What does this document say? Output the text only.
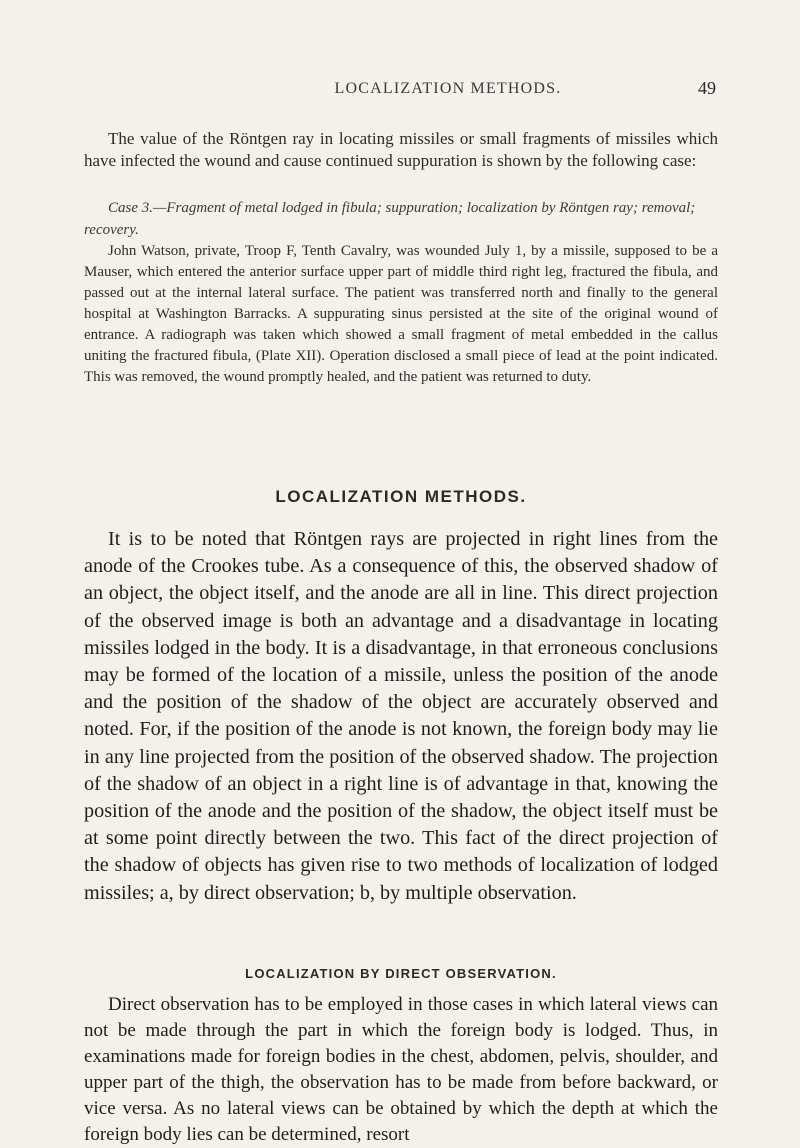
LOCALIZATION METHODS.	49

The value of the Röntgen ray in locating missiles or small fragments of missiles which have infected the wound and cause continued suppuration is shown by the following case:

Case 3.—Fragment of metal lodged in fibula; suppuration; localization by Röntgen ray; removal; recovery.

John Watson, private, Troop F, Tenth Cavalry, was wounded July 1, by a missile, supposed to be a Mauser, which entered the anterior surface upper part of middle third right leg, fractured the fibula, and passed out at the internal lateral surface. The patient was transferred north and finally to the general hospital at Washington Barracks. A suppurating sinus persisted at the site of the original wound of entrance. A radiograph was taken which showed a small fragment of metal embedded in the callus uniting the fractured fibula, (Plate XII). Operation disclosed a small piece of lead at the point indicated. This was removed, the wound promptly healed, and the patient was returned to duty.

LOCALIZATION METHODS.

It is to be noted that Röntgen rays are projected in right lines from the anode of the Crookes tube. As a consequence of this, the observed shadow of an object, the object itself, and the anode are all in line. This direct projection of the observed image is both an advantage and a disadvantage in locating missiles lodged in the body. It is a disadvantage, in that erroneous conclusions may be formed of the location of a missile, unless the position of the anode and the position of the shadow of the object are accurately observed and noted. For, if the position of the anode is not known, the foreign body may lie in any line projected from the position of the observed shadow. The projection of the shadow of an object in a right line is of advantage in that, knowing the position of the anode and the position of the shadow, the object itself must be at some point directly between the two. This fact of the direct projection of the shadow of objects has given rise to two methods of localization of lodged missiles; a, by direct observation; b, by multiple observation.

LOCALIZATION BY DIRECT OBSERVATION.

Direct observation has to be employed in those cases in which lateral views can not be made through the part in which the foreign body is lodged. Thus, in examinations made for foreign bodies in the chest, abdomen, pelvis, shoulder, and upper part of the thigh, the observation has to be made from before backward, or vice versa. As no lateral views can be obtained by which the depth at which the foreign body lies can be determined, resort
